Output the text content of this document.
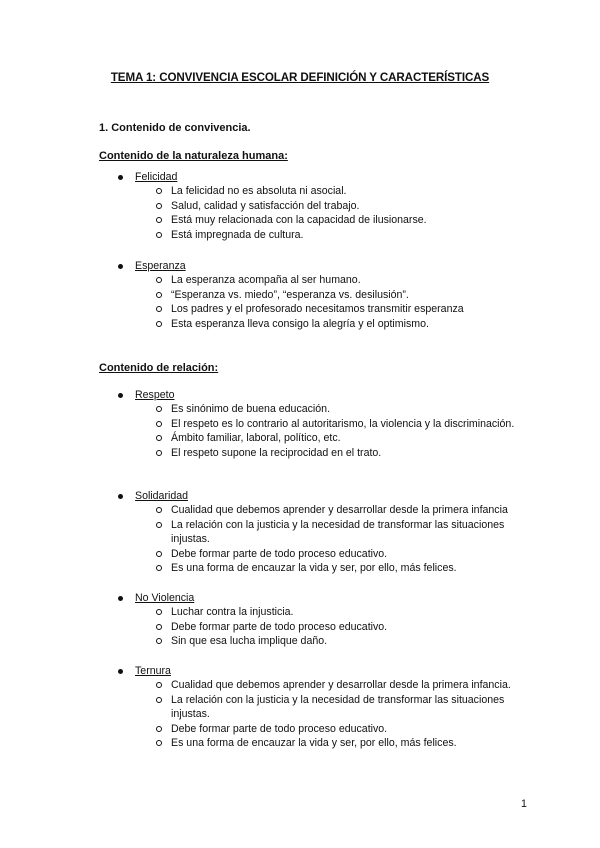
TEMA 1: CONVIVENCIA ESCOLAR DEFINICIÓN Y CARACTERÍSTICAS
1. Contenido de convivencia.
Contenido de la naturaleza humana:
Felicidad
La felicidad no es absoluta ni asocial.
Salud, calidad y satisfacción del trabajo.
Está muy relacionada con la capacidad de ilusionarse.
Está impregnada de cultura.
Esperanza
La esperanza acompaña al ser humano.
“Esperanza vs. miedo”, “esperanza vs. desilusión”.
Los padres y el profesorado necesitamos transmitir esperanza
Esta esperanza lleva consigo la alegría y el optimismo.
Contenido de relación:
Respeto
Es sinónimo de buena educación.
El respeto es lo contrario al autoritarismo, la violencia y la discriminación.
Ámbito familiar, laboral, político, etc.
El respeto supone la reciprocidad en el trato.
Solidaridad
Cualidad que debemos aprender y desarrollar desde la primera infancia
La relación con la justicia y la necesidad de transformar las situaciones injustas.
Debe formar parte de todo proceso educativo.
Es una forma de encauzar la vida y ser, por ello, más felices.
No Violencia
Luchar contra la injusticia.
Debe formar parte de todo proceso educativo.
Sin que esa lucha implique daño.
Ternura
Cualidad que debemos aprender y desarrollar desde la primera infancia.
La relación con la justicia y la necesidad de transformar las situaciones injustas.
Debe formar parte de todo proceso educativo.
Es una forma de encauzar la vida y ser, por ello, más felices.
1
